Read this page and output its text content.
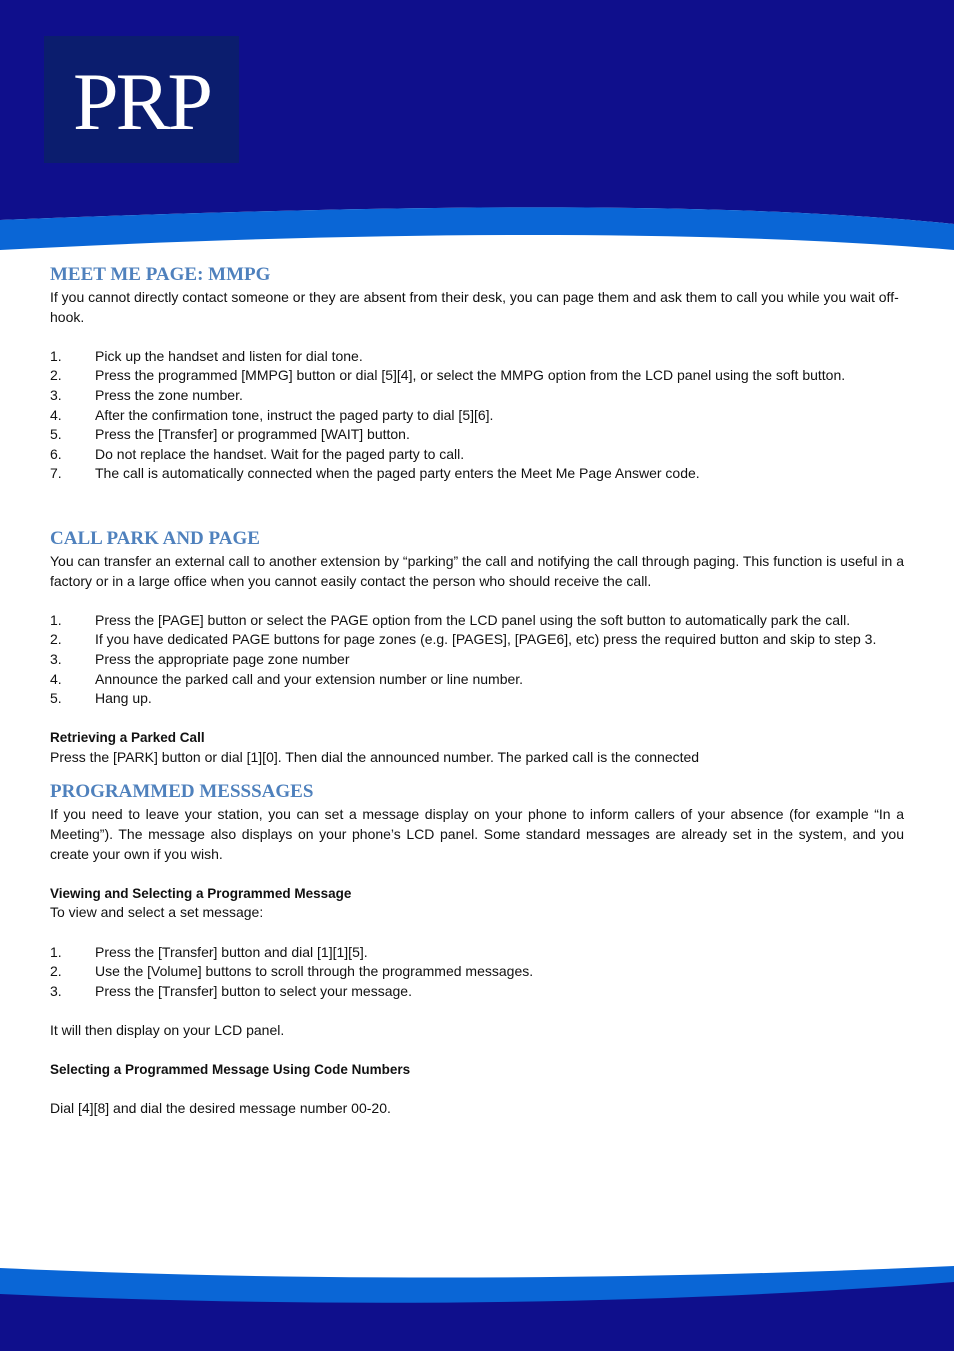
PRP
MEET ME PAGE: MMPG

If you cannot directly contact someone or they are absent from their desk, you can page them and ask them to call you while you wait off-hook.

1.	Pick up the handset and listen for dial tone.
2.	Press the programmed [MMPG] button or dial [5][4], or select the MMPG option from the LCD panel using the soft button.
3.	Press the zone number.
4.	After the confirmation tone, instruct the paged party to dial [5][6].
5.	Press the [Transfer] or programmed [WAIT] button.
6.	Do not replace the handset. Wait for the paged party to call.
7.	The call is automatically connected when the paged party enters the Meet Me Page Answer code.
CALL PARK AND PAGE

You can transfer an external call to another extension by “parking” the call and notifying the call through paging. This function is useful in a factory or in a large office when you cannot easily contact the person who should receive the call.

1.	Press the [PAGE] button or select the PAGE option from the LCD panel using the soft button to automatically park the call.
2.	If you have dedicated PAGE buttons for page zones (e.g. [PAGES], [PAGE6], etc) press the required button and skip to step 3.
3.	Press the appropriate page zone number
4.	Announce the parked call and your extension number or line number.
5.	Hang up.

Retrieving a Parked Call

Press the [PARK] button or dial [1][0]. Then dial the announced number. The parked call is the connected

PROGRAMMED MESSSAGES

If you need to leave your station, you can set a message display on your phone to inform callers of your absence (for example “In a Meeting”). The message also displays on your phone’s LCD panel. Some standard messages are already set in the system, and you create your own if you wish.

Viewing and Selecting a Programmed Message

To view and select a set message:

1.	Press the [Transfer] button and dial [1][1][5].
2.	Use the [Volume] buttons to scroll through the programmed messages.
3.	Press the [Transfer] button to select your message.

It will then display on your LCD panel.

Selecting a Programmed Message Using Code Numbers

Dial [4][8] and dial the desired message number 00-20.
